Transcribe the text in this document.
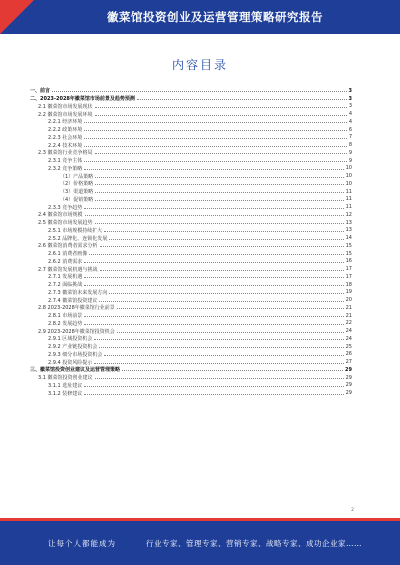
徽菜馆投资创业及运营管理策略研究报告
内容目录
一、前言	3
二、2023-2028年徽菜馆市场前景及趋势预测	3
2.1 徽菜馆市场发展现状	3
2.2 徽菜馆市场发展环境	4
2.2.1 经济环境	4
2.2.2 政策环境	6
2.2.3 社会环境	7
2.2.4 技术环境	8
2.3 徽菜馆行业竞争格局	9
2.3.1 竞争主体	9
2.3.2 竞争策略	10
（1）产品策略	10
（2）价格策略	10
（3）渠道策略	11
（4）促销策略	11
2.3.3 竞争趋势	11
2.4 徽菜馆市场规模	12
2.5 徽菜馆市场发展趋势	13
2.5.1 市场规模持续扩大	13
2.5.2 品牌化、连锁化发展	14
2.6 徽菜馆消费者需求分析	15
2.6.1 消费者画像	15
2.6.2 消费需求	16
2.7 徽菜馆发展机遇与挑战	17
2.7.1 发展机遇	17
2.7.2 面临挑战	18
2.7.3 徽菜馆未来发展方向	19
2.7.4 徽菜馆投资建议	20
2.8 2023-2028年徽菜馆行业前景	21
2.8.1 市场前景	21
2.8.2 发展趋势	22
2.9 2023-2028年徽菜馆投资机会	24
2.9.1 区域投资机会	24
2.9.2 产业链投资机会	25
2.9.3 细分市场投资机会	26
2.9.4 投资风险提示	27
三、徽菜馆投资创业建议及运营管理策略	29
3.1 徽菜馆投资创业建议	29
3.1.1 选址建议	29
3.1.2 装修建议	29
2
让每个人都能成为	行业专家、管理专家、营销专家、战略专家、成功企业家……
